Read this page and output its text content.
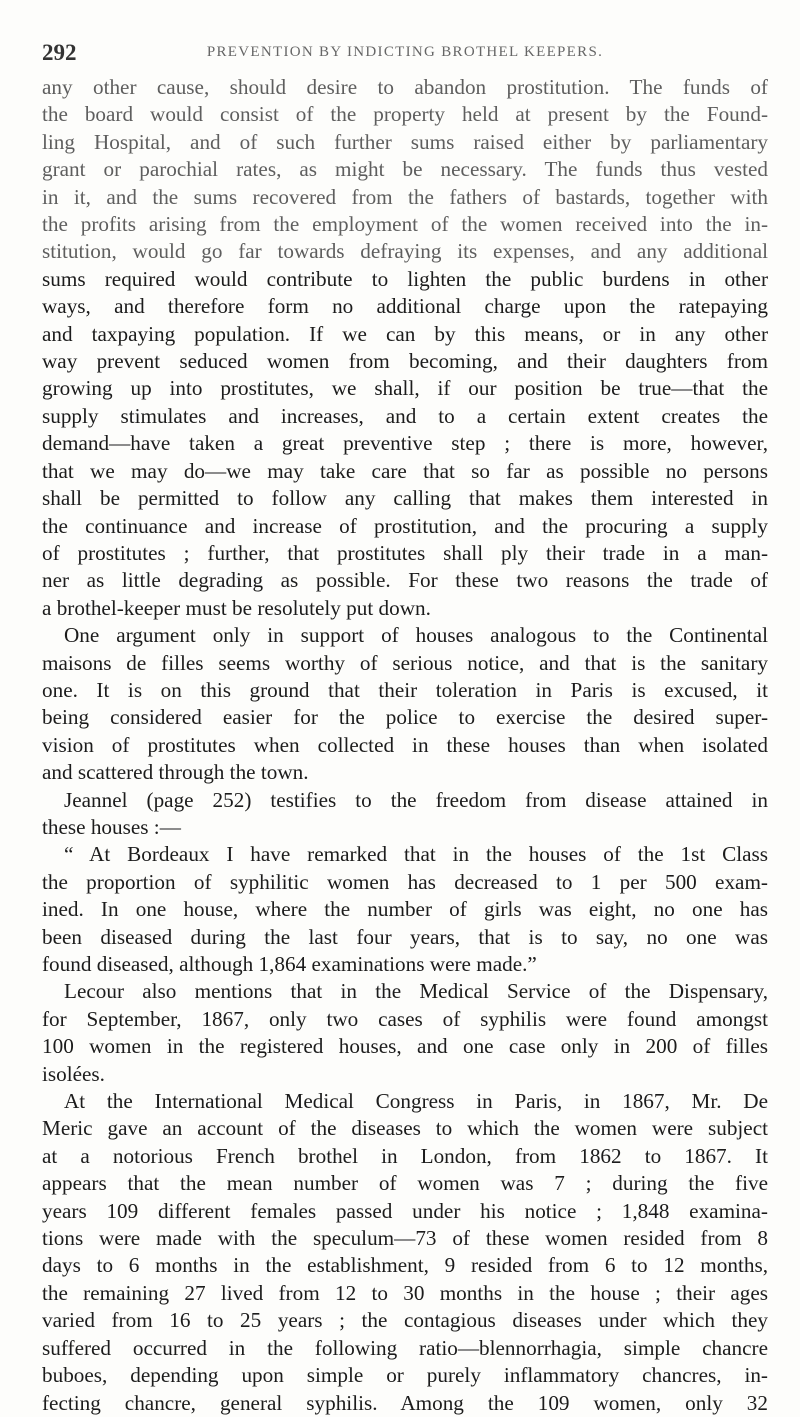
292	PREVENTION BY INDICTING BROTHEL KEEPERS.
any other cause, should desire to abandon prostitution. The funds of
the board would consist of the property held at present by the Found-
ling Hospital, and of such further sums raised either by parliamentary
grant or parochial rates, as might be necessary. The funds thus vested
in it, and the sums recovered from the fathers of bastards, together with
the profits arising from the employment of the women received into the in-
stitution, would go far towards defraying its expenses, and any additional
sums required would contribute to lighten the public burdens in other
ways, and therefore form no additional charge upon the ratepaying
and taxpaying population. If we can by this means, or in any other
way prevent seduced women from becoming, and their daughters from
growing up into prostitutes, we shall, if our position be true—that the
supply stimulates and increases, and to a certain extent creates the
demand—have taken a great preventive step ; there is more, however,
that we may do—we may take care that so far as possible no persons
shall be permitted to follow any calling that makes them interested in
the continuance and increase of prostitution, and the procuring a supply
of prostitutes ; further, that prostitutes shall ply their trade in a man-
ner as little degrading as possible. For these two reasons the trade of
a brothel-keeper must be resolutely put down.
One argument only in support of houses analogous to the Continental
maisons de filles seems worthy of serious notice, and that is the sanitary
one. It is on this ground that their toleration in Paris is excused, it
being considered easier for the police to exercise the desired super-
vision of prostitutes when collected in these houses than when isolated
and scattered through the town.
Jeannel (page 252) testifies to the freedom from disease attained in
these houses :—
“ At Bordeaux I have remarked that in the houses of the 1st Class
the proportion of syphilitic women has decreased to 1 per 500 exam-
ined. In one house, where the number of girls was eight, no one has
been diseased during the last four years, that is to say, no one was
found diseased, although 1,864 examinations were made.”
Lecour also mentions that in the Medical Service of the Dispensary,
for September, 1867, only two cases of syphilis were found amongst
100 women in the registered houses, and one case only in 200 of filles
isolées.
At the International Medical Congress in Paris, in 1867, Mr. De
Meric gave an account of the diseases to which the women were subject
at a notorious French brothel in London, from 1862 to 1867. It
appears that the mean number of women was 7 ; during the five
years 109 different females passed under his notice ; 1,848 examina-
tions were made with the speculum—73 of these women resided from 8
days to 6 months in the establishment, 9 resided from 6 to 12 months,
the remaining 27 lived from 12 to 30 months in the house ; their ages
varied from 16 to 25 years ; the contagious diseases under which they
suffered occurred in the following ratio—blennorrhagia, simple chancre
buboes, depending upon simple or purely inflammatory chancres, in-
fecting chancre, general syphilis. Among the 109 women, only 32
